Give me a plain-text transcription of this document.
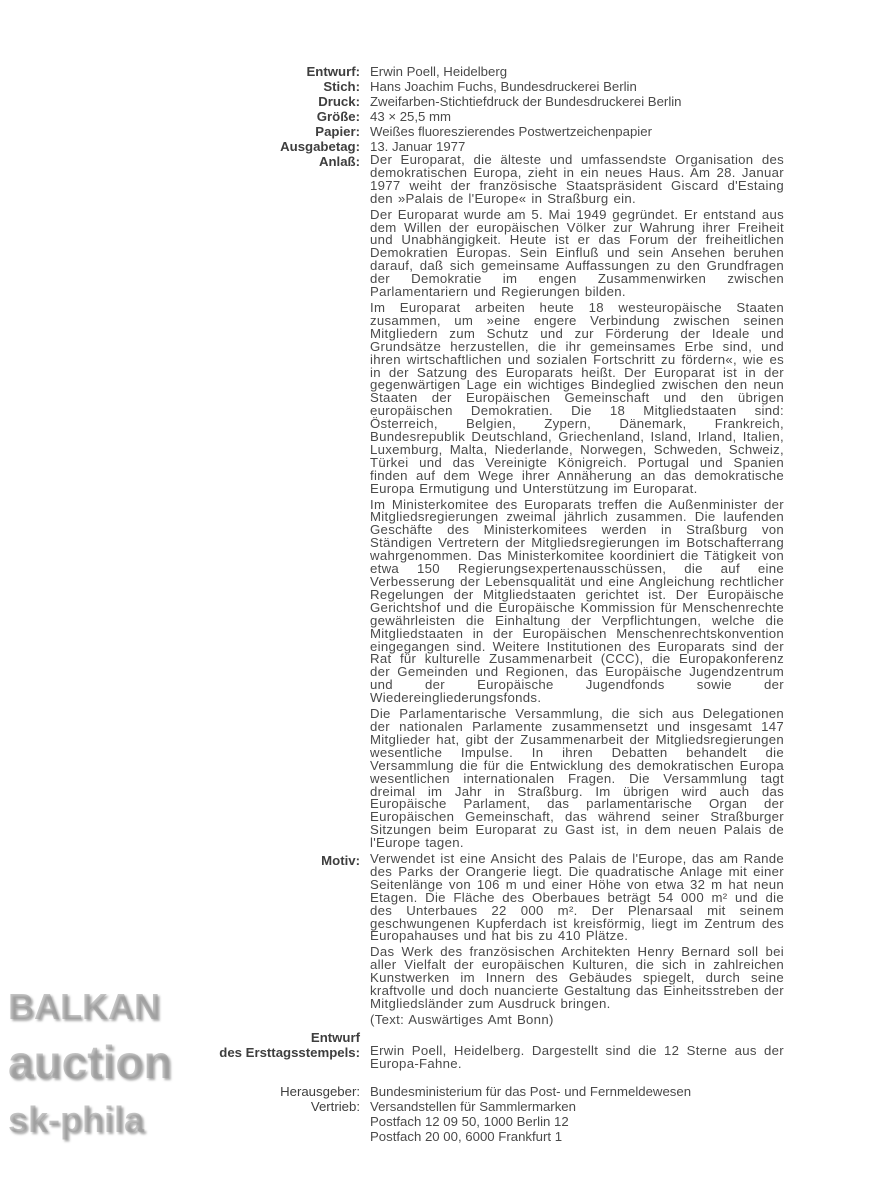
Entwurf: Erwin Poell, Heidelberg
Stich: Hans Joachim Fuchs, Bundesdruckerei Berlin
Druck: Zweifarben-Stichtiefdruck der Bundesdruckerei Berlin
Größe: 43 × 25,5 mm
Papier: Weißes fluoreszierendes Postwertzeichenpapier
Ausgabetag: 13. Januar 1977
Anlaß: Der Europarat, die älteste und umfassendste Organisation des demokratischen Europa, zieht in ein neues Haus. Am 28. Januar 1977 weiht der französische Staatspräsident Giscard d'Estaing den »Palais de l'Europe« in Straßburg ein.

Der Europarat wurde am 5. Mai 1949 gegründet. Er entstand aus dem Willen der europäischen Völker zur Wahrung ihrer Freiheit und Unabhängigkeit. Heute ist er das Forum der freiheitlichen Demokratien Europas. Sein Einfluß und sein Ansehen beruhen darauf, daß sich gemeinsame Auffassungen zu den Grundfragen der Demokratie im engen Zusammenwirken zwischen Parlamentariern und Regierungen bilden.

Im Europarat arbeiten heute 18 westeuropäische Staaten zusammen, um »eine engere Verbindung zwischen seinen Mitgliedern zum Schutz und zur Förderung der Ideale und Grundsätze herzustellen, die ihr gemeinsames Erbe sind, und ihren wirtschaftlichen und sozialen Fortschritt zu fördern«, wie es in der Satzung des Europarats heißt. Der Europarat ist in der gegenwärtigen Lage ein wichtiges Bindeglied zwischen den neun Staaten der Europäischen Gemeinschaft und den übrigen europäischen Demokratien. Die 18 Mitgliedstaaten sind: Österreich, Belgien, Zypern, Dänemark, Frankreich, Bundesrepublik Deutschland, Griechenland, Island, Irland, Italien, Luxemburg, Malta, Niederlande, Norwegen, Schweden, Schweiz, Türkei und das Vereinigte Königreich. Portugal und Spanien finden auf dem Wege ihrer Annäherung an das demokratische Europa Ermutigung und Unterstützung im Europarat.

Im Ministerkomitee des Europarats treffen die Außenminister der Mitgliedsregierungen zweimal jährlich zusammen. Die laufenden Geschäfte des Ministerkomitees werden in Straßburg von Ständigen Vertretern der Mitgliedsregierungen im Botschafterrang wahrgenommen. Das Ministerkomitee koordiniert die Tätigkeit von etwa 150 Regierungsexpertenausschüssen, die auf eine Verbesserung der Lebensqualität und eine Angleichung rechtlicher Regelungen der Mitgliedstaaten gerichtet ist. Der Europäische Gerichtshof und die Europäische Kommission für Menschenrechte gewährleisten die Einhaltung der Verpflichtungen, welche die Mitgliedstaaten in der Europäischen Menschenrechtskonvention eingegangen sind. Weitere Institutionen des Europarats sind der Rat für kulturelle Zusammenarbeit (CCC), die Europakonferenz der Gemeinden und Regionen, das Europäische Jugendzentrum und der Europäische Jugendfonds sowie der Wiedereingliederungsfonds.

Die Parlamentarische Versammlung, die sich aus Delegationen der nationalen Parlamente zusammensetzt und insgesamt 147 Mitglieder hat, gibt der Zusammenarbeit der Mitgliedsregierungen wesentliche Impulse. In ihren Debatten behandelt die Versammlung die für die Entwicklung des demokratischen Europa wesentlichen internationalen Fragen. Die Versammlung tagt dreimal im Jahr in Straßburg. Im übrigen wird auch das Europäische Parlament, das parlamentarische Organ der Europäischen Gemeinschaft, das während seiner Straßburger Sitzungen beim Europarat zu Gast ist, in dem neuen Palais de l'Europe tagen.

Motiv: Verwendet ist eine Ansicht des Palais de l'Europe, das am Rande des Parks der Orangerie liegt. Die quadratische Anlage mit einer Seitenlänge von 106 m und einer Höhe von etwa 32 m hat neun Etagen. Die Fläche des Oberbaues beträgt 54 000 m² und die des Unterbaues 22 000 m². Der Plenarsaal mit seinem geschwungenen Kupferdach ist kreisförmig, liegt im Zentrum des Europahauses und hat bis zu 410 Plätze.

Das Werk des französischen Architekten Henry Bernard soll bei aller Vielfalt der europäischen Kulturen, die sich in zahlreichen Kunstwerken im Innern des Gebäudes spiegelt, durch seine kraftvolle und doch nuancierte Gestaltung das Einheitsstreben der Mitgliedsländer zum Ausdruck bringen.

(Text: Auswärtiges Amt Bonn)

Entwurf
des Ersttagsstempels: Erwin Poell, Heidelberg. Dargestellt sind die 12 Sterne aus der Europa-Fahne.

Herausgeber: Bundesministerium für das Post- und Fernmeldewesen
Vertrieb: Versandstellen für Sammlermarken
Postfach 12 09 50, 1000 Berlin 12
Postfach 20 00, 6000 Frankfurt 1
BALKAN
auction
sk-phila
